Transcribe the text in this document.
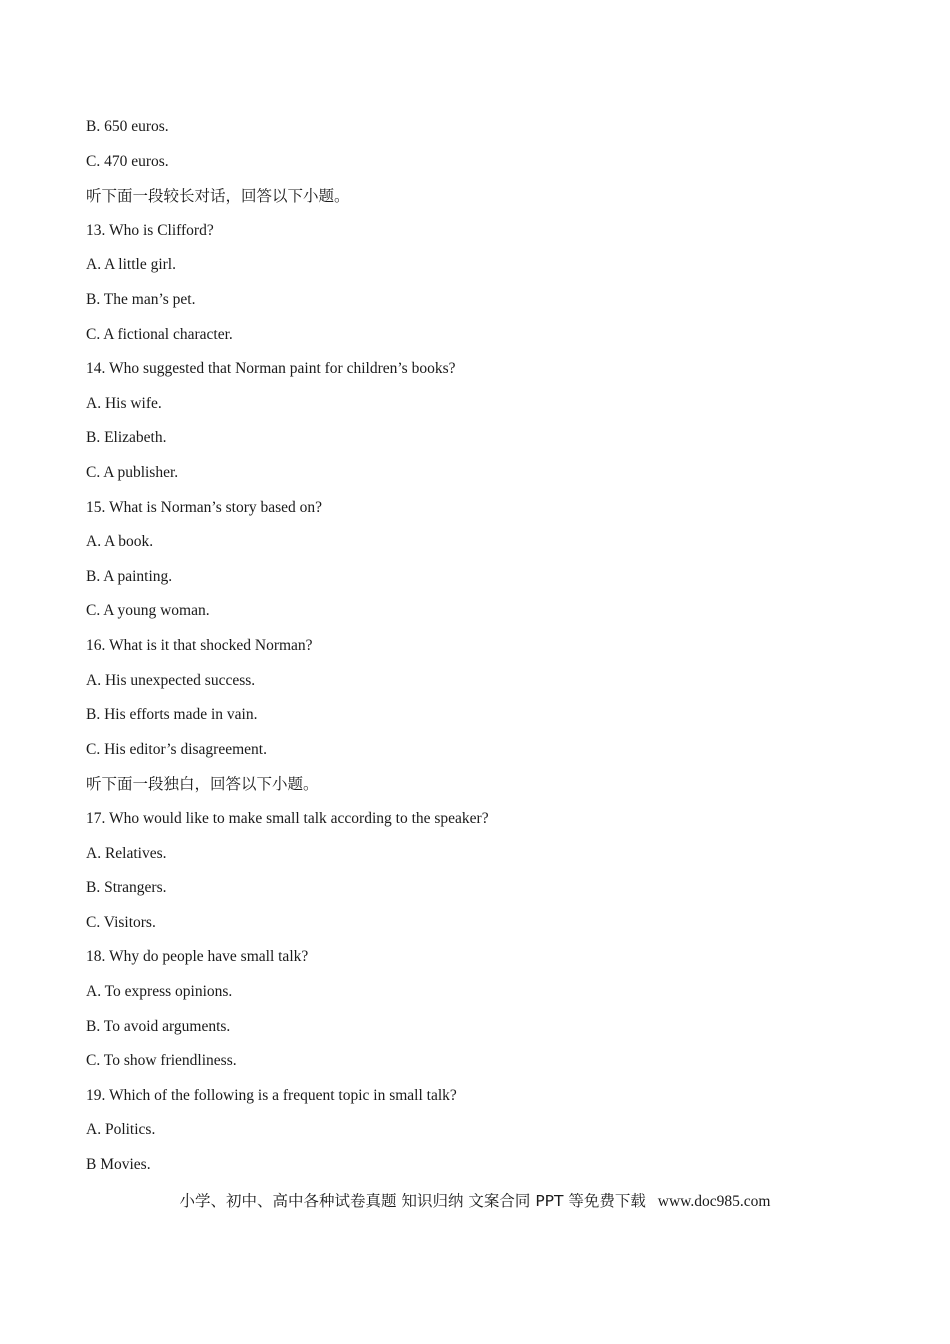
B. 650 euros.
C. 470 euros.
听下面一段较长对话，回答以下小题。
13. Who is Clifford?
A. A little girl.
B. The man’s pet.
C. A fictional character.
14. Who suggested that Norman paint for children’s books?
A. His wife.
B. Elizabeth.
C. A publisher.
15. What is Norman’s story based on?
A. A book.
B. A painting.
C. A young woman.
16. What is it that shocked Norman?
A. His unexpected success.
B. His efforts made in vain.
C. His editor’s disagreement.
听下面一段独白，回答以下小题。
17. Who would like to make small talk according to the speaker?
A. Relatives.
B. Strangers.
C. Visitors.
18. Why do people have small talk?
A. To express opinions.
B. To avoid arguments.
C. To show friendliness.
19. Which of the following is a frequent topic in small talk?
A. Politics.
B Movies.
小学、初中、高中各种试卷真题 知识归纳 文案合同 PPT 等免费下载 www.doc985.com
